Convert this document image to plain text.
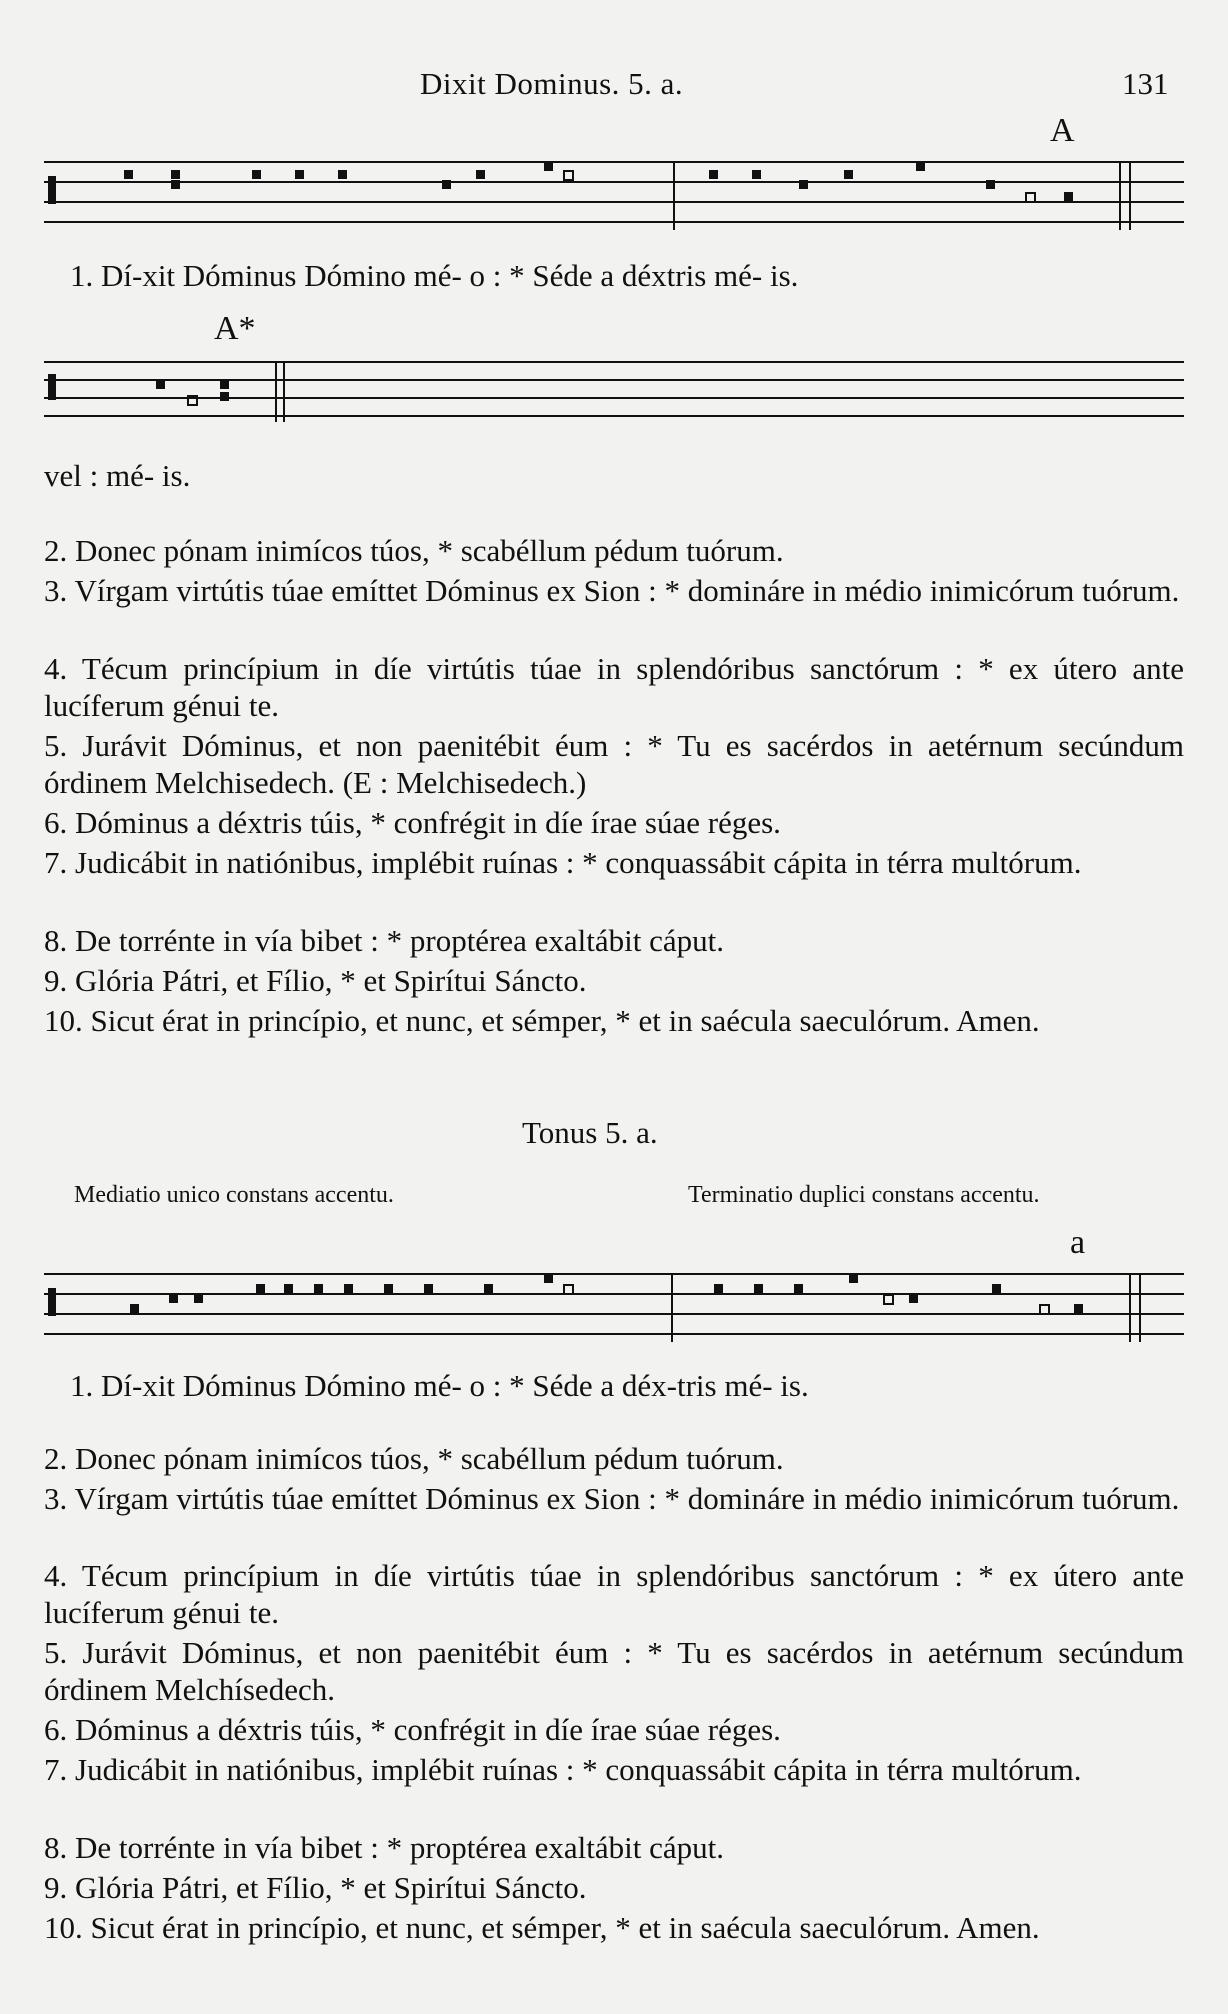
Dixit Dominus. 5. a.	131
A
1. Dí-xit Dóminus Dómino mé- o : * Séde a déxtris mé- is.
A*
vel : mé- is.
2. Donec pónam inimícos túos, * scabéllum pédum tuórum.
3. Vírgam virtútis túae emíttet Dóminus ex Sion : * domináre in médio inimicórum tuórum.
4. Técum princípium in díe virtútis túae in splendóribus sanctórum : * ex útero ante lucíferum génui te.
5. Jurávit Dóminus, et non paenitébit éum : * Tu es sacérdos in aetérnum secúndum órdinem Melchisedech. (E : Melchisedech.)
6. Dóminus a déxtris túis, * confrégit in díe írae súae réges.
7. Judicábit in natiónibus, implébit ruínas : * conquassábit cápita in térra multórum.
8. De torrénte in vía bibet : * proptérea exaltábit cáput.
9. Glória Pátri, et Fílio, * et Spirítui Sáncto.
10. Sicut érat in princípio, et nunc, et sémper, * et in saécula saeculórum. Amen.
Tonus 5. a.
Mediatio unico constans accentu.	Terminatio duplici constans accentu.
a
1. Dí-xit Dóminus Dómino mé- o : * Séde a déx-tris mé- is.
2. Donec pónam inimícos túos, * scabéllum pédum tuórum.
3. Vírgam virtútis túae emíttet Dóminus ex Sion : * domináre in médio inimicórum tuórum.
4. Técum princípium in díe virtútis túae in splendóribus sanctórum : * ex útero ante lucíferum génui te.
5. Jurávit Dóminus, et non paenitébit éum : * Tu es sacérdos in aetérnum secúndum órdinem Melchísedech.
6. Dóminus a déxtris túis, * confrégit in díe írae súae réges.
7. Judicábit in natiónibus, implébit ruínas : * conquassábit cápita in térra multórum.
8. De torrénte in vía bibet : * proptérea exaltábit cáput.
9. Glória Pátri, et Fílio, * et Spirítui Sáncto.
10. Sicut érat in princípio, et nunc, et sémper, * et in saécula saeculórum. Amen.
